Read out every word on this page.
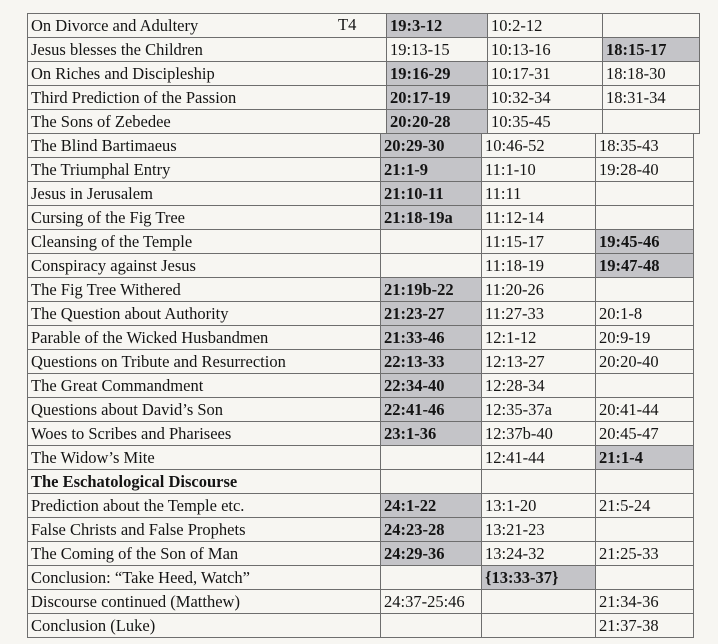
On Divorce and Adultery T4	19:3-12	10:2-12	
Jesus blesses the Children	19:13-15	10:13-16	18:15-17
On Riches and Discipleship	19:16-29	10:17-31	18:18-30
Third Prediction of the Passion	20:17-19	10:32-34	18:31-34
The Sons of Zebedee	20:20-28	10:35-45	
The Blind Bartimaeus	20:29-30	10:46-52	18:35-43
The Triumphal Entry	21:1-9	11:1-10	19:28-40
Jesus in Jerusalem	21:10-11	11:11	
Cursing of the Fig Tree	21:18-19a	11:12-14	
Cleansing of the Temple		11:15-17	19:45-46
Conspiracy against Jesus		11:18-19	19:47-48
The Fig Tree Withered	21:19b-22	11:20-26	
The Question about Authority	21:23-27	11:27-33	20:1-8
Parable of the Wicked Husbandmen	21:33-46	12:1-12	20:9-19
Questions on Tribute and Resurrection	22:13-33	12:13-27	20:20-40
The Great Commandment	22:34-40	12:28-34	
Questions about David’s Son	22:41-46	12:35-37a	20:41-44
Woes to Scribes and Pharisees	23:1-36	12:37b-40	20:45-47
The Widow’s Mite		12:41-44	21:1-4
The Eschatological Discourse			
Prediction about the Temple etc.	24:1-22	13:1-20	21:5-24
False Christs and False Prophets	24:23-28	13:21-23	
The Coming of the Son of Man	24:29-36	13:24-32	21:25-33
Conclusion: “Take Heed, Watch”		{13:33-37}	
Discourse continued (Matthew)	24:37-25:46		21:34-36
Conclusion (Luke)			21:37-38
